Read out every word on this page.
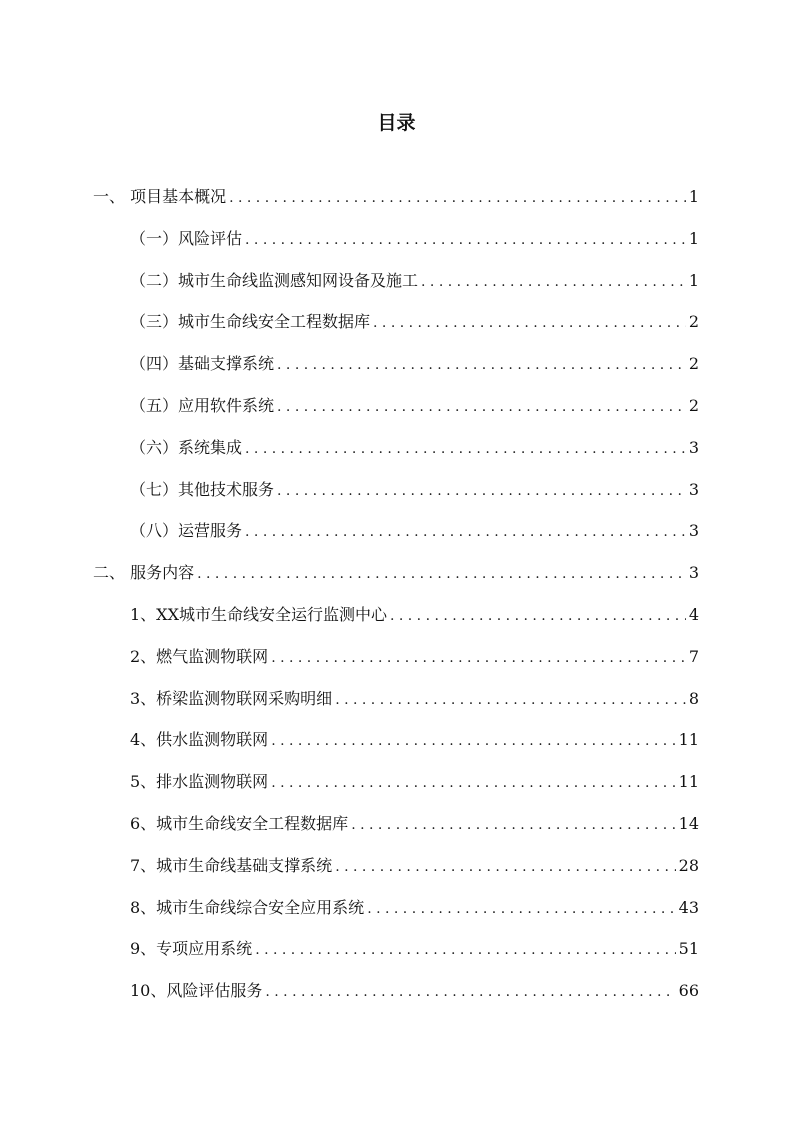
目录
一、 项目基本概况 . . .	1
（一）风险评估 . . .	1
（二）城市生命线监测感知网设备及施工 . . .	1
（三）城市生命线安全工程数据库 . . .	2
（四）基础支撑系统 . . .	2
（五）应用软件系统 . . .	2
（六）系统集成 . . .	3
（七）其他技术服务 . . .	3
（八）运营服务 . . .	3
二、 服务内容 . . .	3
1、XX城市生命线安全运行监测中心 . . .	4
2、燃气监测物联网 . . .	7
3、桥梁监测物联网采购明细 . . .	8
4、供水监测物联网 . . .	11
5、排水监测物联网 . . .	11
6、城市生命线安全工程数据库 . . .	14
7、城市生命线基础支撑系统 . . .	28
8、城市生命线综合安全应用系统 . . .	43
9、专项应用系统 . . .	51
10、风险评估服务 . . .	66
